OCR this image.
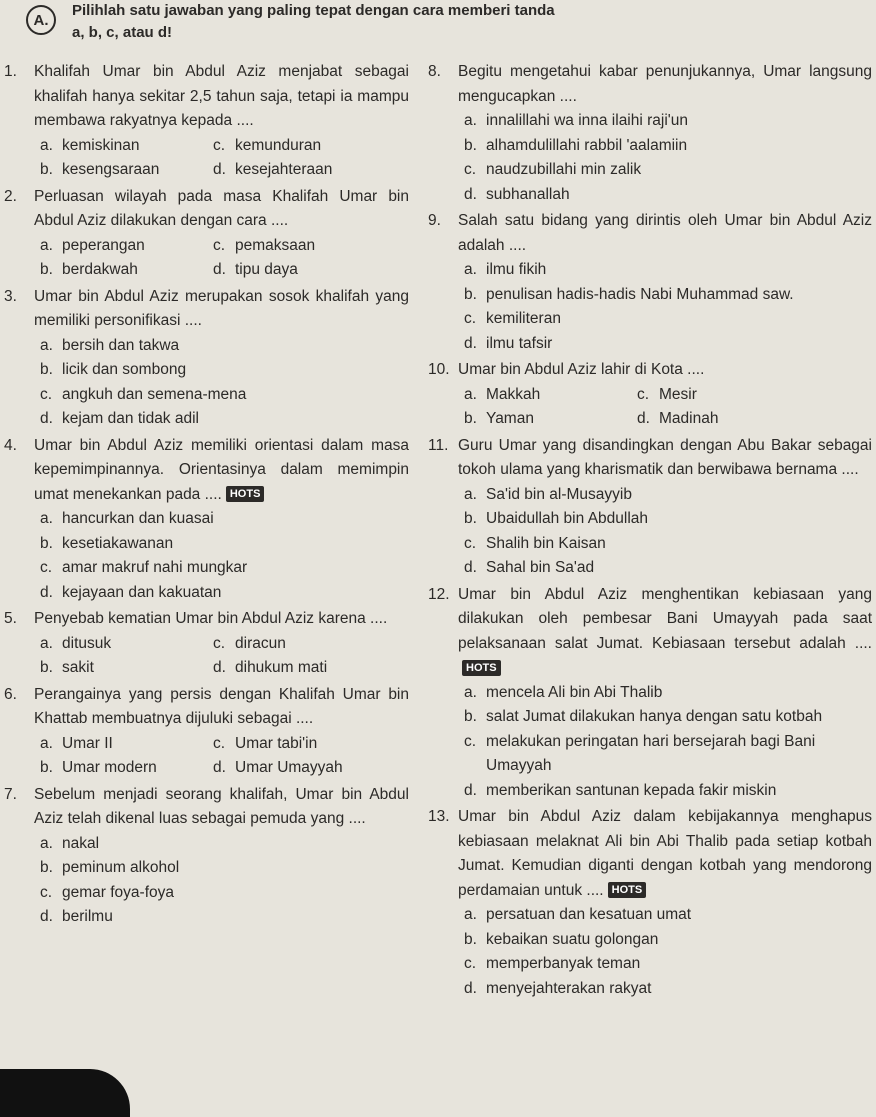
A.
Pilihlah satu jawaban yang paling tepat dengan cara memberi tanda
a, b, c, atau d!
1.	Khalifah Umar bin Abdul Aziz menjabat sebagai khalifah hanya sekitar 2,5 tahun saja, tetapi ia mampu membawa rakyatnya kepada ....
a. kemiskinan	c. kemunduran
b. kesengsaraan	d. kesejahteraan
2.	Perluasan wilayah pada masa Khalifah Umar bin Abdul Aziz dilakukan dengan cara ....
a. peperangan	c. pemaksaan
b. berdakwah	d. tipu daya
3.	Umar bin Abdul Aziz merupakan sosok khalifah yang memiliki personifikasi ....
a. bersih dan takwa
b. licik dan sombong
c. angkuh dan semena-mena
d. kejam dan tidak adil
4.	Umar bin Abdul Aziz memiliki orientasi dalam masa kepemimpinannya. Orientasinya dalam memimpin umat menekankan pada .... HOTS
a. hancurkan dan kuasai
b. kesetiakawanan
c. amar makruf nahi mungkar
d. kejayaan dan kakuatan
5.	Penyebab kematian Umar bin Abdul Aziz karena ....
a. ditusuk	c. diracun
b. sakit	d. dihukum mati
6.	Perangainya yang persis dengan Khalifah Umar bin Khattab membuatnya dijuluki sebagai ....
a. Umar II	c. Umar tabi'in
b. Umar modern	d. Umar Umayyah
7.	Sebelum menjadi seorang khalifah, Umar bin Abdul Aziz telah dikenal luas sebagai pemuda yang ....
a. nakal
b. peminum alkohol
c. gemar foya-foya
d. berilmu
8.	Begitu mengetahui kabar penunjukannya, Umar langsung mengucapkan ....
a. innalillahi wa inna ilaihi raji'un
b. alhamdulillahi rabbil 'aalamiin
c. naudzubillahi min zalik
d. subhanallah
9.	Salah satu bidang yang dirintis oleh Umar bin Abdul Aziz adalah ....
a. ilmu fikih
b. penulisan hadis-hadis Nabi Muhammad saw.
c. kemiliteran
d. ilmu tafsir
10. Umar bin Abdul Aziz lahir di Kota ....
a. Makkah	c. Mesir
b. Yaman	d. Madinah
11. Guru Umar yang disandingkan dengan Abu Bakar sebagai tokoh ulama yang kharismatik dan berwibawa bernama ....
a. Sa'id bin al-Musayyib
b. Ubaidullah bin Abdullah
c. Shalih bin Kaisan
d. Sahal bin Sa'ad
12. Umar bin Abdul Aziz menghentikan kebiasaan yang dilakukan oleh pembesar Bani Umayyah pada saat pelaksanaan salat Jumat. Kebiasaan tersebut adalah ....HOTS
a. mencela Ali bin Abi Thalib
b. salat Jumat dilakukan hanya dengan satu kotbah
c. melakukan peringatan hari bersejarah bagi Bani Umayyah
d. memberikan santunan kepada fakir miskin
13. Umar bin Abdul Aziz dalam kebijakannya menghapus kebiasaan melaknat Ali bin Abi Thalib pada setiap kotbah Jumat. Kemudian diganti dengan kotbah yang mendorong perdamaian untuk .... HOTS
a. persatuan dan kesatuan umat
b. kebaikan suatu golongan
c. memperbanyak teman
d. menyejahterakan rakyat
